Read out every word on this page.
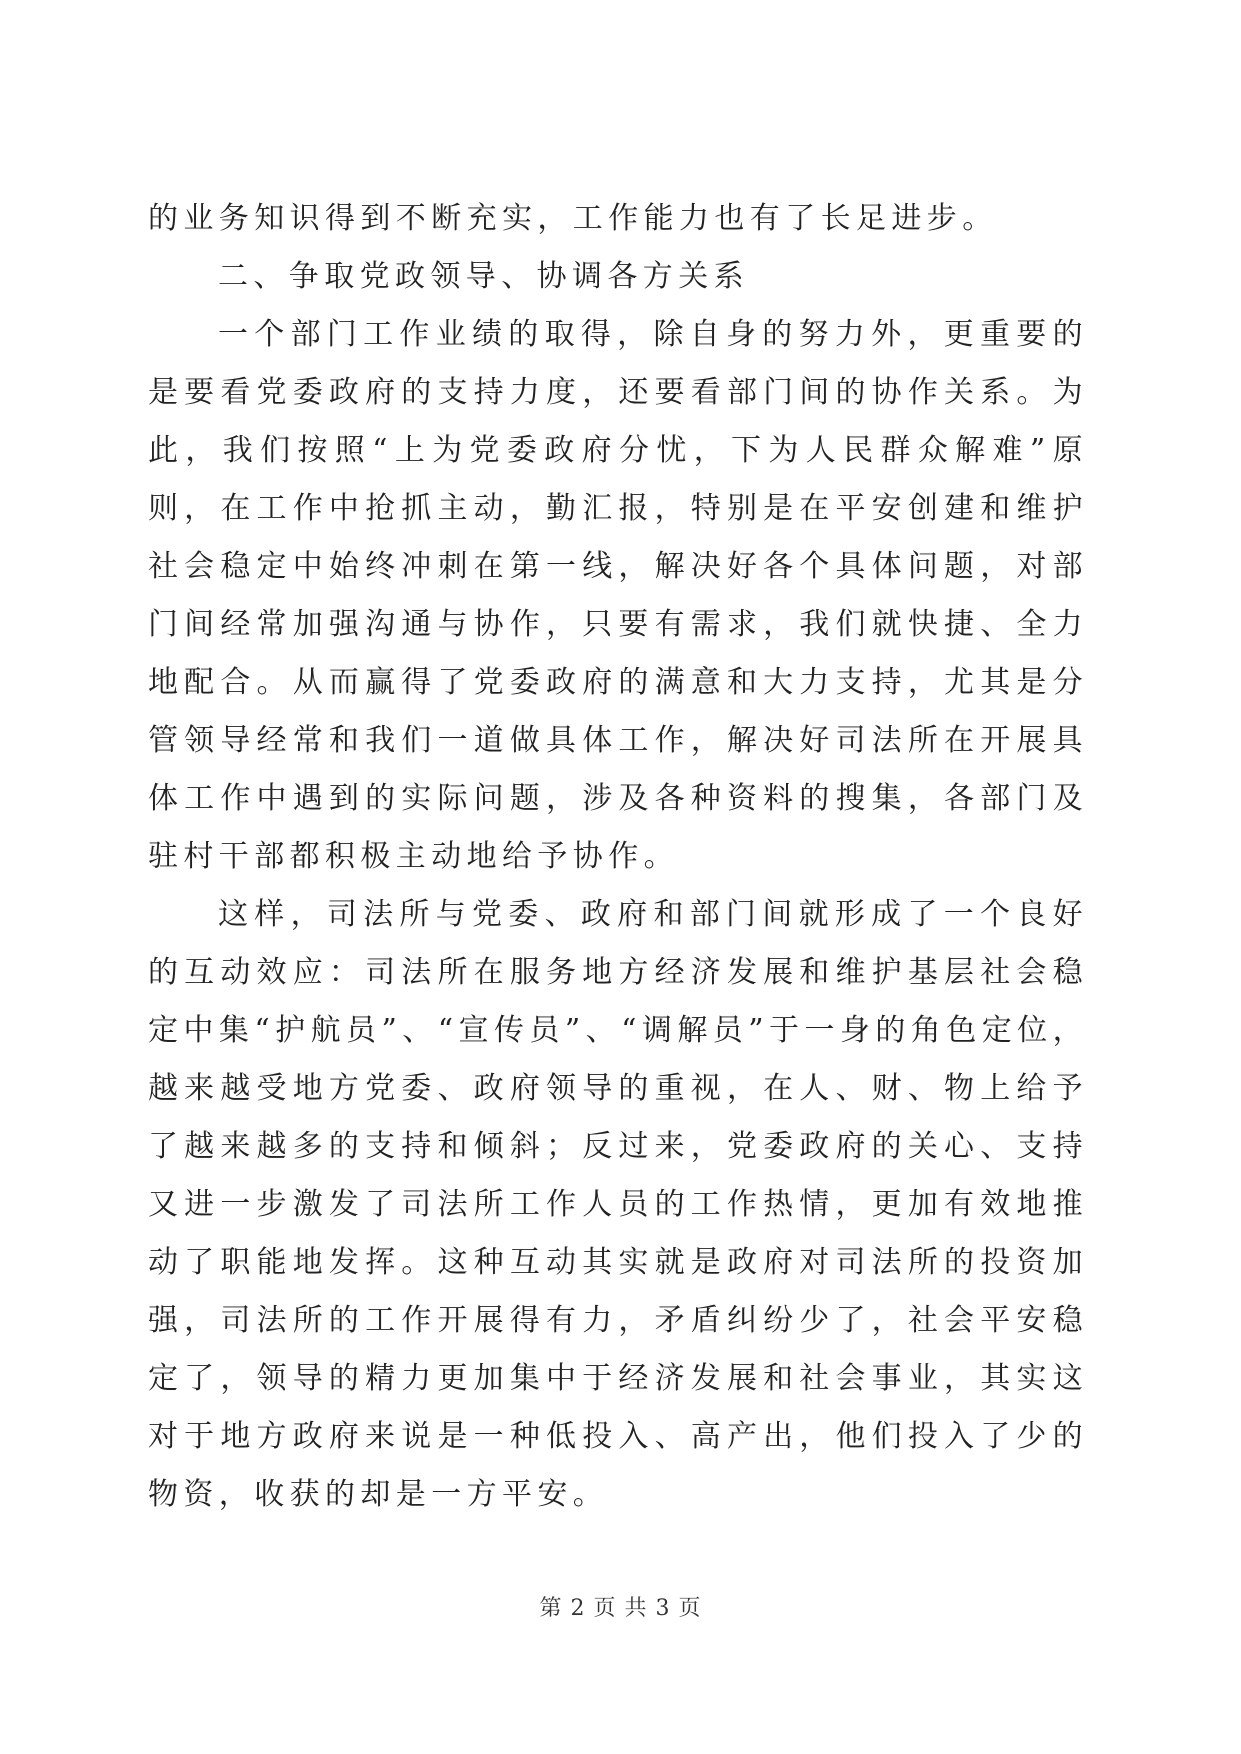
的业务知识得到不断充实，工作能力也有了长足进步。

二、争取党政领导、协调各方关系

一个部门工作业绩的取得，除自身的努力外，更重要的是要看党委政府的支持力度，还要看部门间的协作关系。为此，我们按照“上为党委政府分忧，下为人民群众解难”原则，在工作中抢抓主动，勤汇报，特别是在平安创建和维护社会稳定中始终冲刺在第一线，解决好各个具体问题，对部门间经常加强沟通与协作，只要有需求，我们就快捷、全力地配合。从而赢得了党委政府的满意和大力支持，尤其是分管领导经常和我们一道做具体工作，解决好司法所在开展具体工作中遇到的实际问题，涉及各种资料的搜集，各部门及驻村干部都积极主动地给予协作。

这样，司法所与党委、政府和部门间就形成了一个良好的互动效应：司法所在服务地方经济发展和维护基层社会稳定中集“护航员”、“宣传员”、“调解员”于一身的角色定位，越来越受地方党委、政府领导的重视，在人、财、物上给予了越来越多的支持和倾斜；反过来，党委政府的关心、支持又进一步激发了司法所工作人员的工作热情，更加有效地推动了职能地发挥。这种互动其实就是政府对司法所的投资加强，司法所的工作开展得有力，矛盾纠纷少了，社会平安稳定了，领导的精力更加集中于经济发展和社会事业，其实这对于地方政府来说是一种低投入、高产出，他们投入了少的物资，收获的却是一方平安。

第 2 页 共 3 页
